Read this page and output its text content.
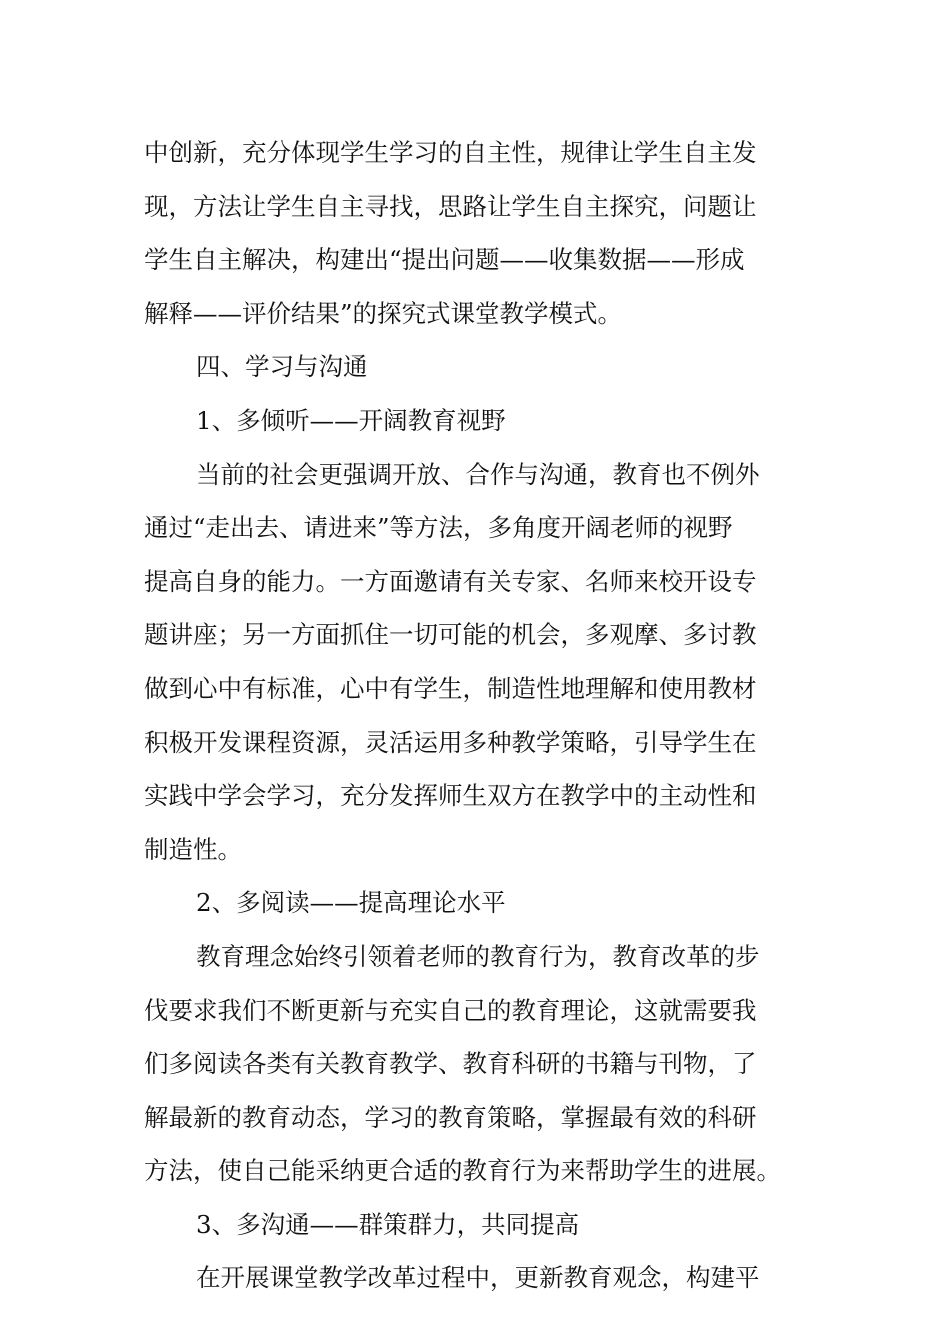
中创新，充分体现学生学习的自主性，规律让学生自主发
现，方法让学生自主寻找，思路让学生自主探究，问题让
学生自主解决，构建出“提出问题——收集数据——形成
解释——评价结果”的探究式课堂教学模式。
四、学习与沟通
1、多倾听——开阔教育视野
当前的社会更强调开放、合作与沟通，教育也不例外
通过“走出去、请进来”等方法，多角度开阔老师的视野
提高自身的能力。一方面邀请有关专家、名师来校开设专
题讲座；另一方面抓住一切可能的机会，多观摩、多讨教
做到心中有标准，心中有学生，制造性地理解和使用教材
积极开发课程资源，灵活运用多种教学策略，引导学生在
实践中学会学习，充分发挥师生双方在教学中的主动性和
制造性。
2、多阅读——提高理论水平
教育理念始终引领着老师的教育行为，教育改革的步
伐要求我们不断更新与充实自己的教育理论，这就需要我
们多阅读各类有关教育教学、教育科研的书籍与刊物，了
解最新的教育动态，学习的教育策略，掌握最有效的科研
方法，使自己能采纳更合适的教育行为来帮助学生的进展。
3、多沟通——群策群力，共同提高
在开展课堂教学改革过程中，更新教育观念，构建平
